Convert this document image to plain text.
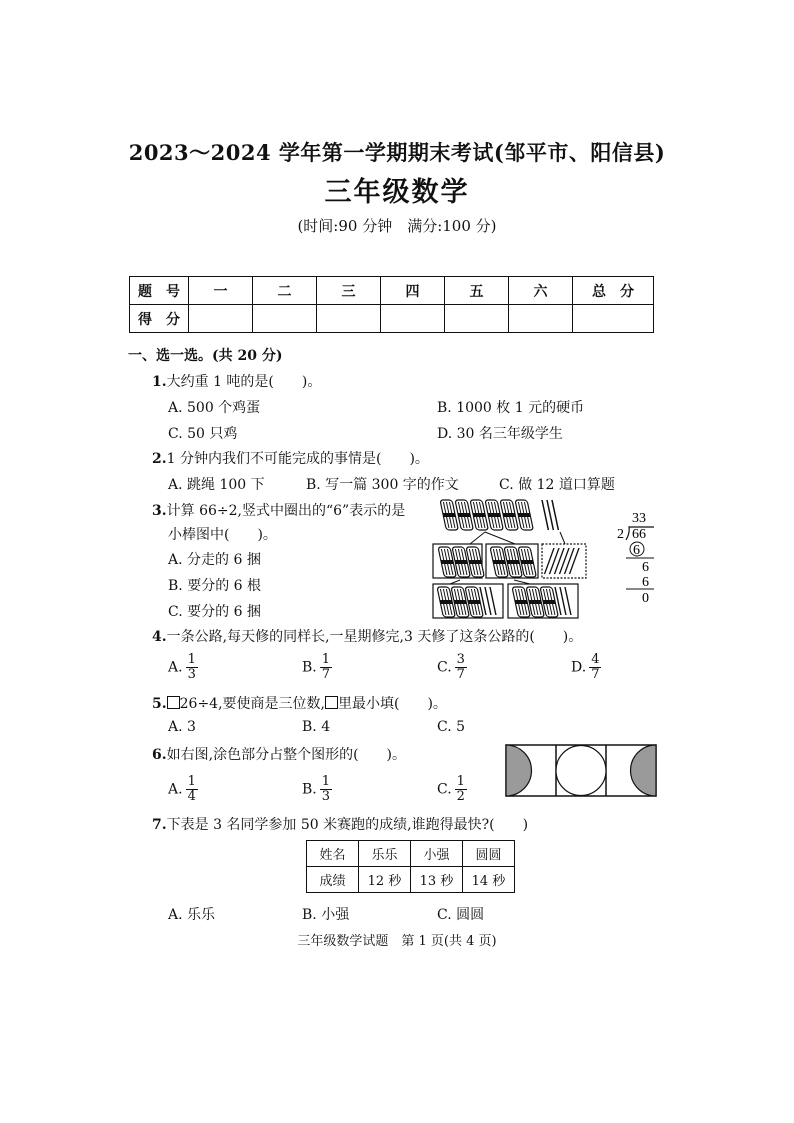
2023～2024 学年第一学期期末考试(邹平市、阳信县)
三年级数学
(时间:90 分钟　满分:100 分)
题　号	一	二	三	四	五	六	总　分
得　分							
一、选一选。(共 20 分)
1.大约重 1 吨的是(　　)。
A. 500 个鸡蛋	B. 1000 枚 1 元的硬币
C. 50 只鸡	D. 30 名三年级学生
2.1 分钟内我们不可能完成的事情是(　　)。
A. 跳绳 100 下	B. 写一篇 300 字的作文	C. 做 12 道口算题
3.计算 66÷2,竖式中圈出的“6”表示的是
小棒图中(　　)。
A. 分走的 6 捆
B. 要分的 6 根
C. 要分的 6 捆
33
2 66
6
6
6
0
4.一条公路,每天修的同样长,一星期修完,3 天修了这条公路的(　　)。
A. $\frac{1}{3}$	B. $\frac{1}{7}$	C. $\frac{3}{7}$	D. $\frac{4}{7}$
5. 26÷4,要使商是三位数, 里最小填(　　)。
A. 3	B. 4	C. 5
6.如右图,涂色部分占整个图形的(　　)。
A. $\frac{1}{4}$	B. $\frac{1}{3}$	C. $\frac{1}{2}$
7.下表是 3 名同学参加 50 米赛跑的成绩,谁跑得最快?(　　)
姓名	乐乐	小强	圆圆
成绩	12 秒	13 秒	14 秒
A. 乐乐	B. 小强	C. 圆圆
三年级数学试题　第 1 页(共 4 页)
